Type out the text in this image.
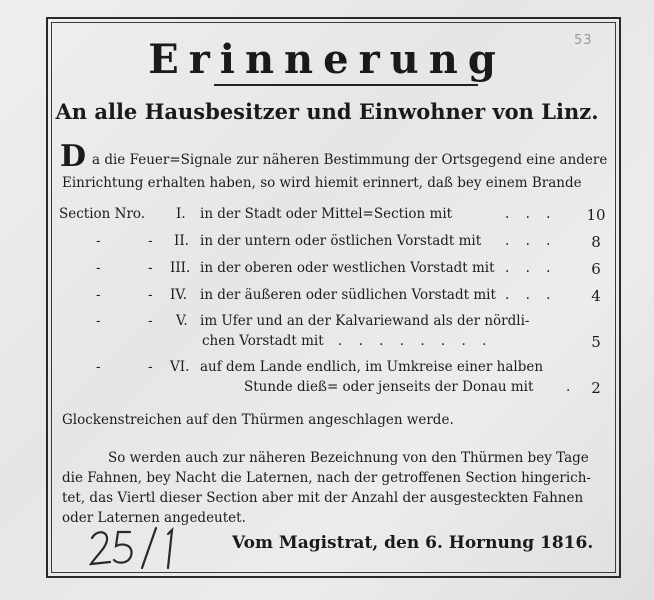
53
Erinnerung
An alle Hausbesitzer und Einwohner von Linz.
D a die Feuer=Signale zur näheren Bestimmung der Ortsgegend eine andere
Einrichtung erhalten haben, so wird hiemit erinnert, daß bey einem Brande
Section Nro. I. in der Stadt oder Mittel=Section mit	. . . 10
-	- II. in der untern oder östlichen Vorstadt mit . . .	8
-	- III. in der oberen oder westlichen Vorstadt mit . . .	6
-	- IV. in der äußeren oder südlichen Vorstadt mit . . .	4
-	- V. im Ufer und an der Kalvariewand als der nördli-
chen Vorstadt mit . . . . . . . .	5
-	- VI. auf dem Lande endlich, im Umkreise einer halben
Stunde dieß= oder jenseits der Donau mit .	2
Glockenstreichen auf den Thürmen angeschlagen werde.
So werden auch zur näheren Bezeichnung von den Thürmen bey Tage
die Fahnen, bey Nacht die Laternen, nach der getroffenen Section hingerich-
tet, das Viertl dieser Section aber mit der Anzahl der ausgesteckten Fahnen
oder Laternen angedeutet.
Vom Magistrat, den 6. Hornung 1816.
